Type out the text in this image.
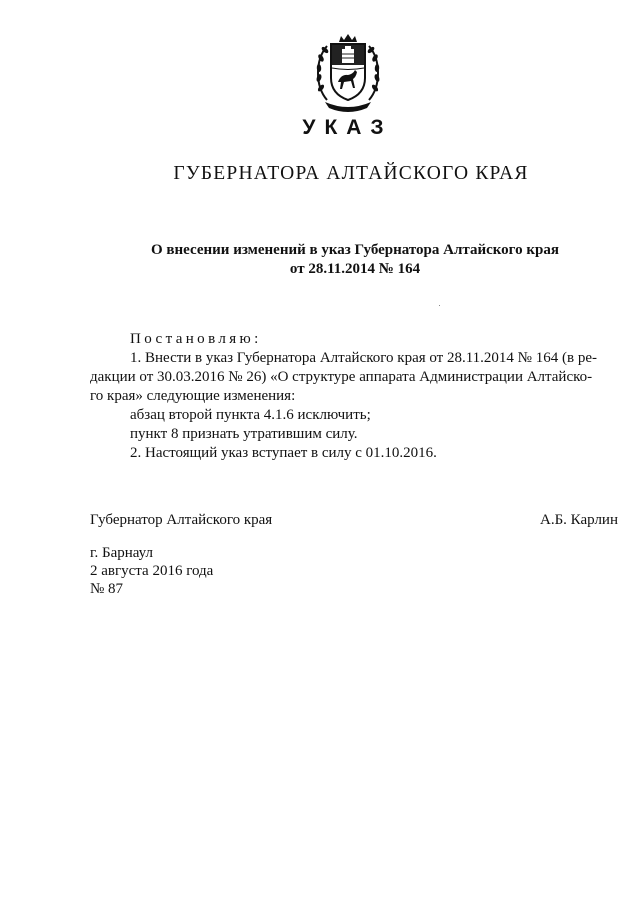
УКАЗ
ГУБЕРНАТОРА АЛТАЙСКОГО КРАЯ
О внесении изменений в указ Губернатора Алтайского края
от 28.11.2014 № 164

Постановляю:

1. Внести в указ Губернатора Алтайского края от 28.11.2014 № 164 (в ре-

дакции от 30.03.2016 № 26) «О структуре аппарата Администрации Алтайско-

го края» следующие изменения:

абзац второй пункта 4.1.6 исключить;

пункт 8 признать утратившим силу.

2. Настоящий указ вступает в силу с 01.10.2016.

Губернатор Алтайского края	А.Б. Карлин
г. Барнаул
2 августа 2016 года
№ 87
